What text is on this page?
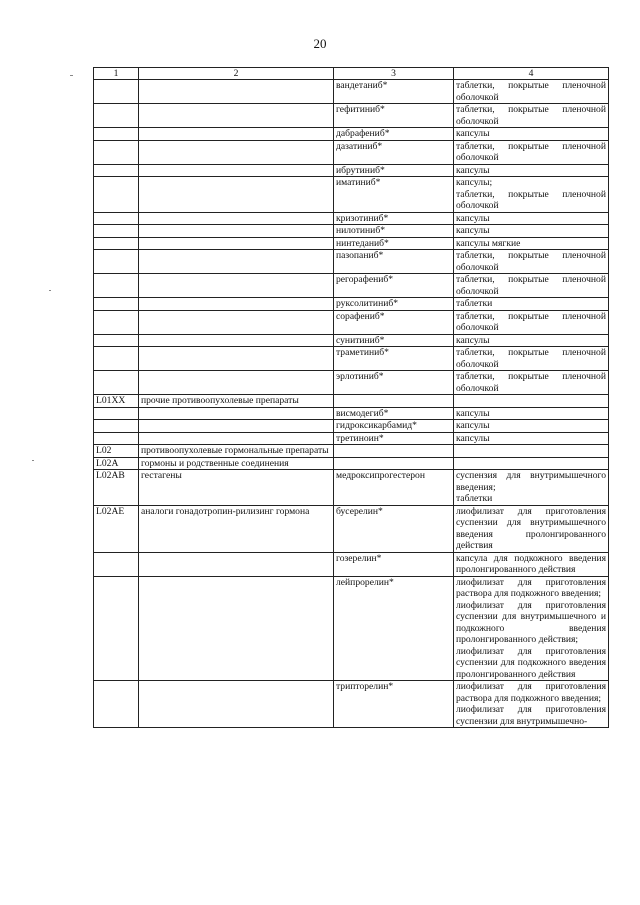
20
1	2	3	4
		вандетаниб*	таблетки, покрытые пленочной оболочкой
		гефитиниб*	таблетки, покрытые пленочной оболочкой
		дабрафениб*	капсулы
		дазатиниб*	таблетки, покрытые пленочной оболочкой
		ибрутиниб*	капсулы
		иматиниб*	капсулы;
таблетки, покрытые пленочной оболочкой
		кризотиниб*	капсулы
		нилотиниб*	капсулы
		нинтеданиб*	капсулы мягкие
		пазопаниб*	таблетки, покрытые пленочной оболочкой
		регорафениб*	таблетки, покрытые пленочной оболочкой
		руксолитиниб*	таблетки
		сорафениб*	таблетки, покрытые пленочной оболочкой
		сунитиниб*	капсулы
		траметиниб*	таблетки, покрытые пленочной оболочкой
		эрлотиниб*	таблетки, покрытые пленочной оболочкой
L01XX	прочие противоопухолевые препараты		
		висмодегиб*	капсулы
		гидроксикарбамид*	капсулы
		третиноин*	капсулы
L02	противоопухолевые гормональные препараты		
L02A	гормоны и родственные соединения		
L02AB	гестагены	медроксипрогестерон	суспензия для внутримышечного введения;
таблетки
L02AE	аналоги гонадотропин-рилизинг гормона	бусерелин*	лиофилизат для приготовления суспензии для внутримышечного введения пролонгированного действия
		гозерелин*	капсула для подкожного введения пролонгированного действия
		лейпрорелин*	лиофилизат для приготовления раствора для подкожного введения;
лиофилизат для приготовления суспензии для внутримышечного и подкожного введения пролонгированного действия;
лиофилизат для приготовления суспензии для подкожного введения пролонгированного действия
		трипторелин*	лиофилизат для приготовления раствора для подкожного введения;
лиофилизат для приготовления суспензии для внутримышечно-
